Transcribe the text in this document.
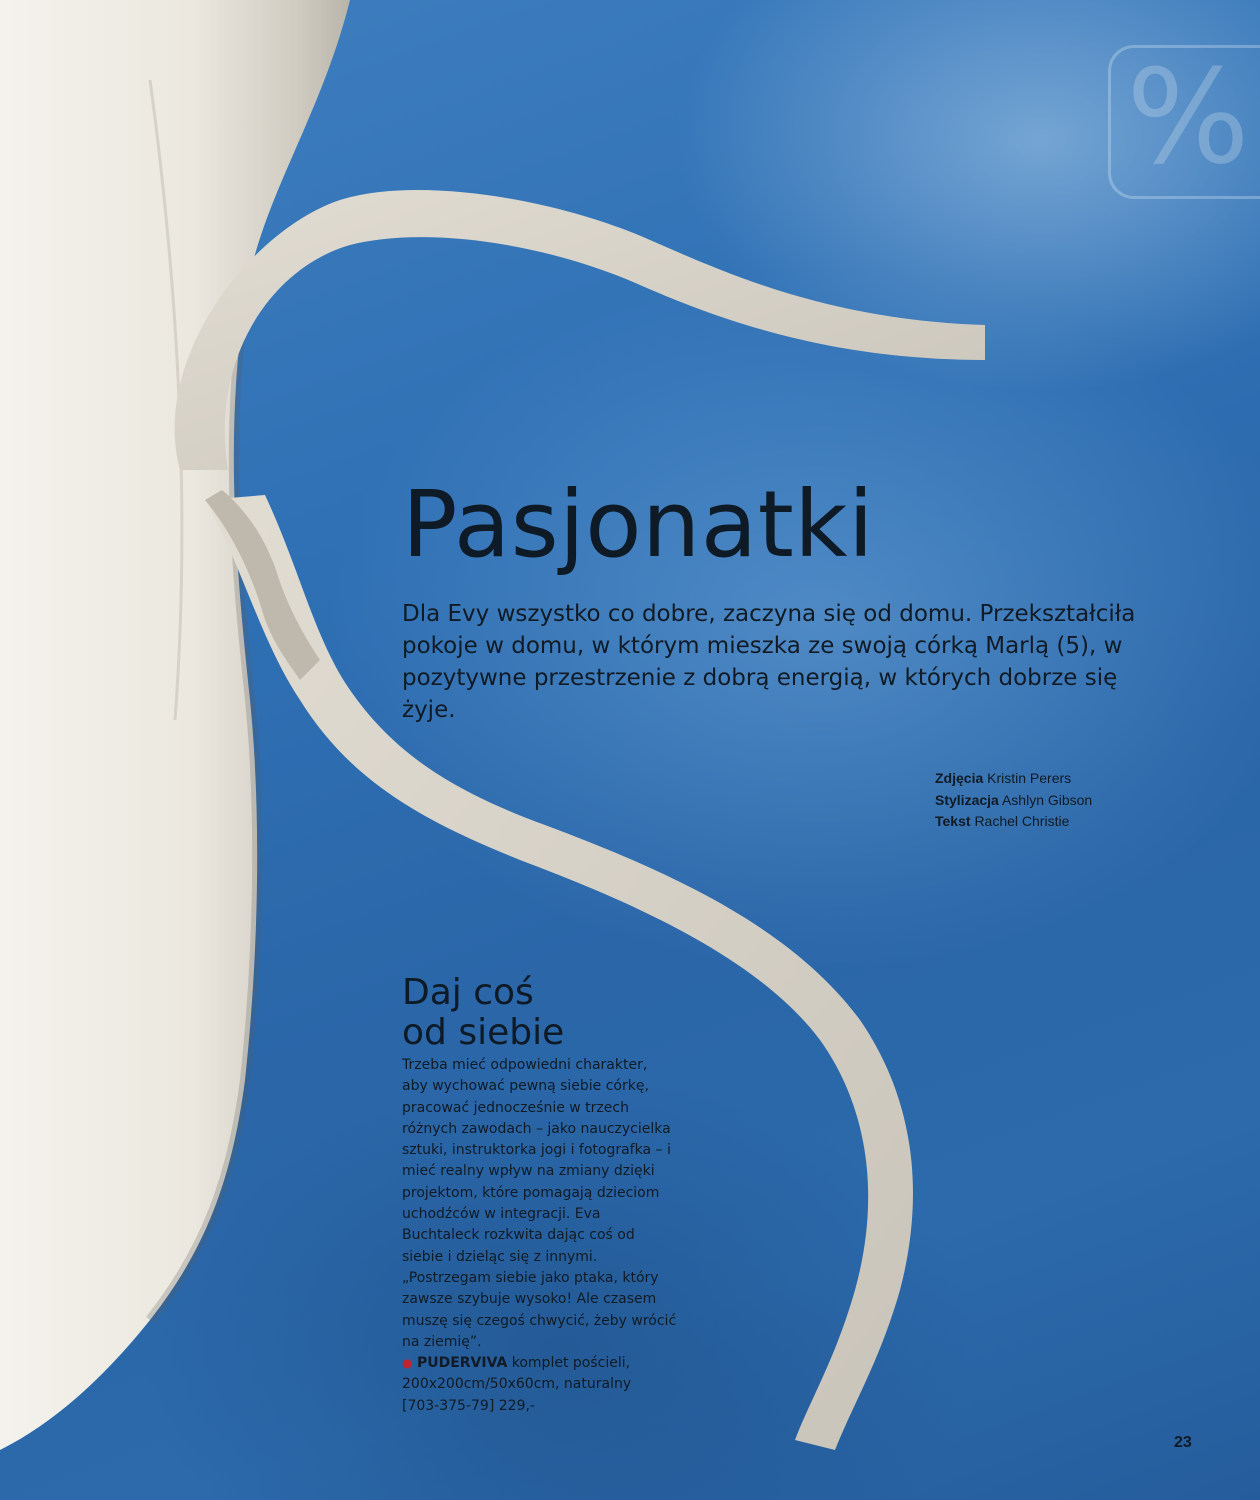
%
Pasjonatki

Dla Evy wszystko co dobre, zaczyna się od domu. Przekształciła pokoje w domu, w którym mieszka ze swoją córką Marlą (5), w pozytywne przestrzenie z dobrą energią, w których dobrze się żyje.

Zdjęcia Kristin Perers
Stylizacja Ashlyn Gibson
Tekst Rachel Christie
Daj coś
od siebie

Trzeba mieć odpowiedni charakter, aby wychować pewną siebie córkę, pracować jednocześnie w trzech różnych zawodach – jako nauczycielka sztuki, instruktorka jogi i fotografka – i mieć realny wpływ na zmiany dzięki projektom, które pomagają dzieciom uchodźców w integracji. Eva Buchtaleck rozkwita dając coś od siebie i dzieląc się z innymi. „Postrzegam siebie jako ptaka, który zawsze szybuje wysoko! Ale czasem muszę się czegoś chwycić, żeby wrócić na ziemię”.

● PUDERVIVA komplet pościeli, 200x200cm/50x60cm, naturalny
[703-375-79] 229,-

23
